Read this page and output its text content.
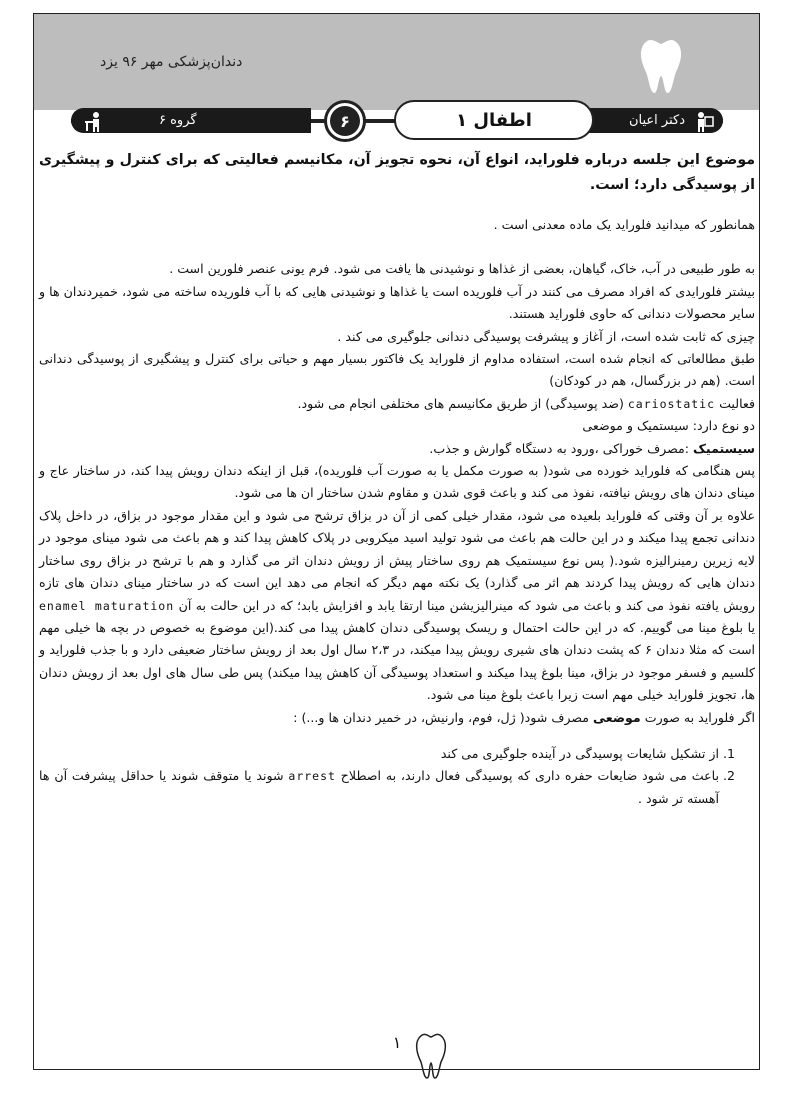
دندان‌پزشکی مهر ۹۶ یزد
گروه ۶	دکتر اعیان
۶	اطفال ۱
۱

موضوع این جلسه درباره فلوراید، انواع آن، نحوه تجویز آن، مکانیسم فعالیتی که برای کنترل و پیشگیری از پوسیدگی دارد؛ است.

همانطور که میدانید فلوراید یک ماده معدنی است .

به طور طبیعی در آب، خاک، گیاهان، بعضی از غذاها و نوشیدنی ها یافت می شود. فرم یونی عنصر فلورین است .

بیشتر فلورایدی که افراد مصرف می کنند در آب فلوریده است یا غذاها و نوشیدنی هایی که با آب فلوریده ساخته می شود، خمیردندان ها و سایر محصولات دندانی که حاوی فلوراید هستند.

چیزی که ثابت شده است، از آغاز و پیشرفت پوسیدگی دندانی جلوگیری می کند .

طبق مطالعاتی که انجام شده است، استفاده مداوم از فلوراید یک فاکتور بسیار مهم و حیاتی برای کنترل و پیشگیری از پوسیدگی دندانی است. (هم در بزرگسال، هم در کودکان)

فعالیت cariostatic (ضد پوسیدگی) از طریق مکانیسم های مختلفی انجام می شود.

دو نوع دارد: سیستمیک و موضعی

سیستمیک :مصرف خوراکی ،ورود به دستگاه گوارش و جذب.

پس هنگامی که فلوراید خورده می شود( به صورت مکمل یا به صورت آب فلوریده)، قبل از اینکه دندان رویش پیدا کند، در ساختار عاج و مینای دندان های رویش نیافته، نفوذ می کند و باعث قوی شدن و مقاوم شدن ساختار ان ها می شود.

علاوه بر آن وقتی که فلوراید بلعیده می شود، مقدار خیلی کمی از آن در بزاق ترشح می شود و این مقدار موجود در بزاق، در داخل پلاک دندانی تجمع پیدا میکند و در این حالت هم باعث می شود تولید اسید میکروبی در پلاک کاهش پیدا کند و هم باعث می شود مینای موجود در لایه زیرین رمینرالیزه شود.( پس نوع سیستمیک هم روی ساختار پیش از رویش دندان اثر می گذارد و هم با ترشح در بزاق روی ساختار دندان هایی که رویش پیدا کردند هم اثر می گذارد) یک نکته مهم دیگر که انجام می دهد این است که در ساختار مینای دندان های تازه رویش یافته نفوذ می کند و باعث می شود که مینرالیزیشن مینا ارتقا یابد و افزایش یابد؛ که در این حالت به آن enamel maturation یا بلوغ مینا می گوییم. که در این حالت احتمال و ریسک پوسیدگی دندان کاهش پیدا می کند.(این موضوع به خصوص در بچه ها خیلی مهم است که مثلا دندان ۶ که پشت دندان های شیری رویش پیدا میکند، در ۲،۳ سال اول بعد از رویش ساختار ضعیفی دارد و با جذب فلوراید و کلسیم و فسفر موجود در بزاق، مینا بلوغ پیدا میکند و استعداد پوسیدگی آن کاهش پیدا میکند) پس طی سال های اول بعد از رویش دندان ها، تجویز فلوراید خیلی مهم است زیرا باعث بلوغ مینا می شود.

اگر فلوراید به صورت موضعی مصرف شود( ژل، فوم، وارنیش، در خمیر دندان ها و...) :

1. از تشکیل شایعات پوسیدگی در آینده جلوگیری می کند
2. باعث می شود ضایعات حفره داری که پوسیدگی فعال دارند، به اصطلاح arrest شوند یا متوقف شوند یا حداقل پیشرفت آن ها آهسته تر شود .
